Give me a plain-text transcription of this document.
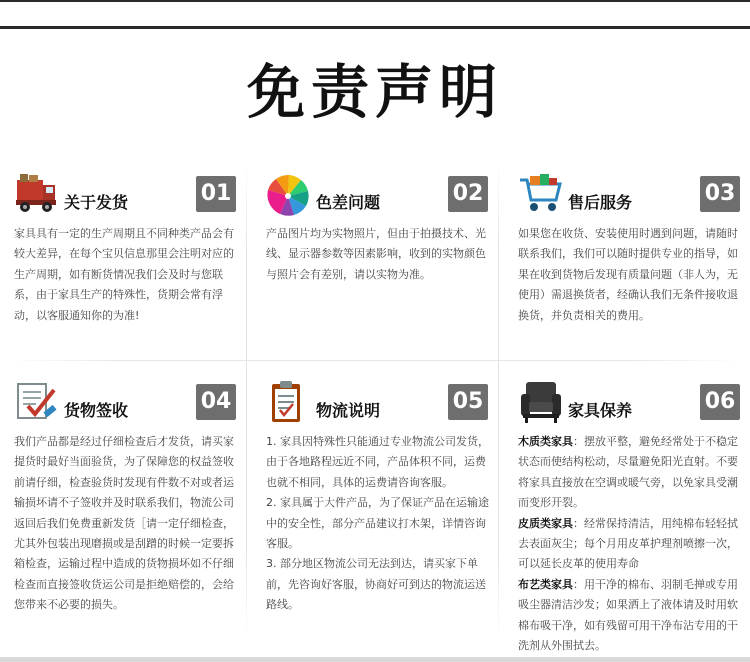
免责声明
关于发货	01
家具具有一定的生产周期且不同种类产品会有较大差异，在每个宝贝信息那里会注明对应的生产周期，如有断货情况我们会及时与您联系，由于家具生产的特殊性，货期会常有浮动，以客服通知你的为准!
色差问题	02
产品图片均为实物照片，但由于拍摄技术、光线、显示器参数等因素影响，收到的实物颜色与照片会有差别，请以实物为准。
售后服务	03
如果您在收货、安装使用时遇到问题，请随时联系我们，我们可以随时提供专业的指导，如果在收到货物后发现有质量问题（非人为，无使用）需退换货者，经确认我们无条件接收退换货，并负责相关的费用。
货物签收	04
我们产品都是经过仔细检查后才发货，请买家提货时最好当面验货，为了保障您的权益签收前请仔细，检查验货时发现有件数不对或者运输损坏请不子签收并及时联系我们，物流公司返回后我们免费重新发货［请一定仔细检查，尤其外包装出现磨损或是刮蹭的时候一定要拆箱检查，运输过程中造成的货物损坏如不仔细检查而直接签收货运公司是拒绝赔偿的，会给您带来不必要的损失。
物流说明	05

1. 家具因特殊性只能通过专业物流公司发货，由于各地路程远近不同，产品体积不同，运费也就不相同，具体的运费请咨询客服。

2. 家具属于大件产品，为了保证产品在运输途中的安全性，部分产品建议打木架，详情咨询客服。

3. 部分地区物流公司无法到达，请买家下单前，先咨询好客服，协商好可到达的物流运送路线。

家具保养	06

木质类家具：摆放平整，避免经常处于不稳定状态而使结构松动，尽量避免阳光直射。不要将家具直接放在空调或暖气旁，以免家具受潮而变形开裂。

皮质类家具：经常保持清洁，用纯棉布轻轻拭去表面灰尘；每个月用皮革护理剂喷擦一次，可以延长皮革的使用寿命

布艺类家具：用干净的棉布、羽制毛掸或专用吸尘器清洁沙发；如果洒上了液体请及时用软棉布吸干净，如有残留可用干净布沾专用的干洗剂从外围拭去。
